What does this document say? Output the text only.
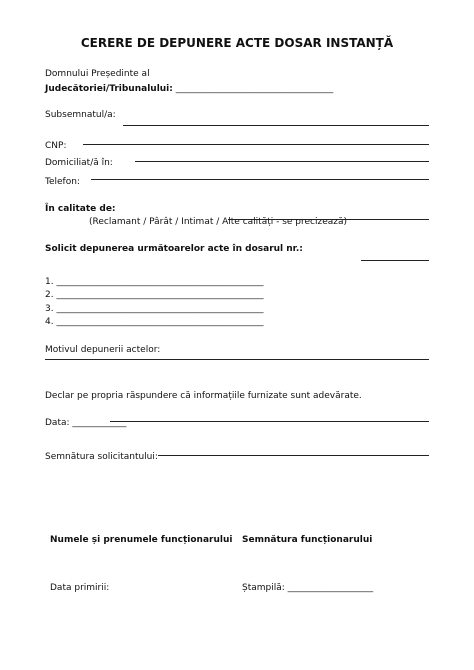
CERERE DE DEPUNERE ACTE DOSAR INSTANȚĂ
Domnului Președinte al
Judecătoriei/Tribunalului: ___________________________________
Subsemnatul/a:
CNP:
Domiciliat/ă în:
Telefon:
În calitate de:
(Reclamant / Pârât / Intimat / Alte calități - se precizează)
Solicit depunerea următoarelor acte în dosarul nr.:
1. ______________________________________________
2. ______________________________________________
3. ______________________________________________
4. ______________________________________________
Motivul depunerii actelor:
Declar pe propria răspundere că informațiile furnizate sunt adevărate.
Data: ____________
Semnătura solicitantului:
Numele și prenumele funcționarului Semnătura funcționarului
Data primirii:	Ștampilă: ___________________
